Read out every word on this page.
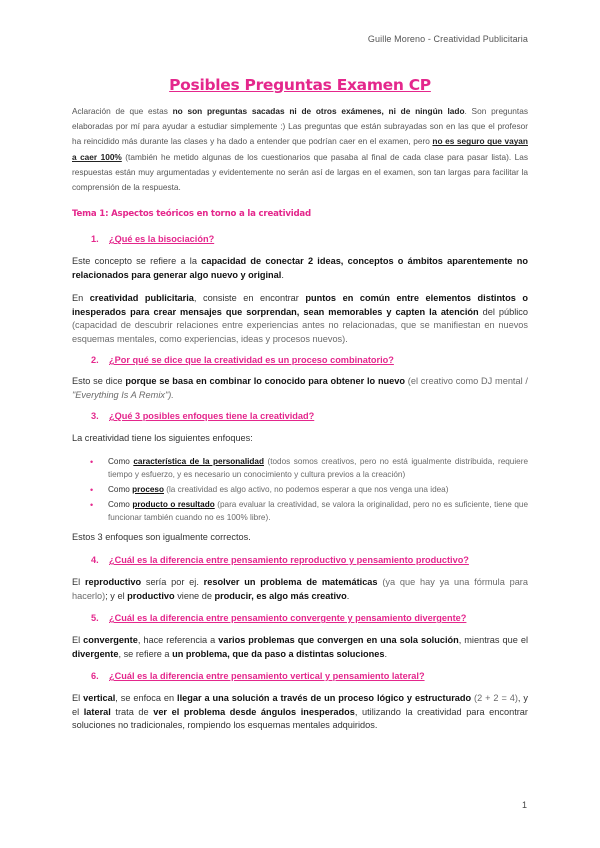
Guille Moreno - Creatividad Publicitaria
Posibles Preguntas Examen CP
Aclaración de que estas no son preguntas sacadas ni de otros exámenes, ni de ningún lado. Son preguntas elaboradas por mí para ayudar a estudiar simplemente :) Las preguntas que están subrayadas son en las que el profesor ha reincidido más durante las clases y ha dado a entender que podrían caer en el examen, pero no es seguro que vayan a caer 100% (también he metido algunas de los cuestionarios que pasaba al final de cada clase para pasar lista). Las respuestas están muy argumentadas y evidentemente no serán así de largas en el examen, son tan largas para facilitar la comprensión de la respuesta.
Tema 1: Aspectos teóricos en torno a la creatividad
1. ¿Qué es la bisociación?
Este concepto se refiere a la capacidad de conectar 2 ideas, conceptos o ámbitos aparentemente no relacionados para generar algo nuevo y original.
En creatividad publicitaria, consiste en encontrar puntos en común entre elementos distintos o inesperados para crear mensajes que sorprendan, sean memorables y capten la atención del público (capacidad de descubrir relaciones entre experiencias antes no relacionadas, que se manifiestan en nuevos esquemas mentales, como experiencias, ideas y procesos nuevos).
2. ¿Por qué se dice que la creatividad es un proceso combinatorio?
Esto se dice porque se basa en combinar lo conocido para obtener lo nuevo (el creativo como DJ mental / "Everything Is A Remix").
3. ¿Qué 3 posibles enfoques tiene la creatividad?
La creatividad tiene los siguientes enfoques:
• Como característica de la personalidad (todos somos creativos, pero no está igualmente distribuida, requiere tiempo y esfuerzo, y es necesario un conocimiento y cultura previos a la creación)
• Como proceso (la creatividad es algo activo, no podemos esperar a que nos venga una idea)
• Como producto o resultado (para evaluar la creatividad, se valora la originalidad, pero no es suficiente, tiene que funcionar también cuando no es 100% libre).
Estos 3 enfoques son igualmente correctos.
4. ¿Cuál es la diferencia entre pensamiento reproductivo y pensamiento productivo?
El reproductivo sería por ej. resolver un problema de matemáticas (ya que hay ya una fórmula para hacerlo); y el productivo viene de producir, es algo más creativo.
5. ¿Cuál es la diferencia entre pensamiento convergente y pensamiento divergente?
El convergente, hace referencia a varios problemas que convergen en una sola solución, mientras que el divergente, se refiere a un problema, que da paso a distintas soluciones.
6. ¿Cuál es la diferencia entre pensamiento vertical y pensamiento lateral?
El vertical, se enfoca en llegar a una solución a través de un proceso lógico y estructurado (2 + 2 = 4), y el lateral trata de ver el problema desde ángulos inesperados, utilizando la creatividad para encontrar soluciones no tradicionales, rompiendo los esquemas mentales adquiridos.
1
